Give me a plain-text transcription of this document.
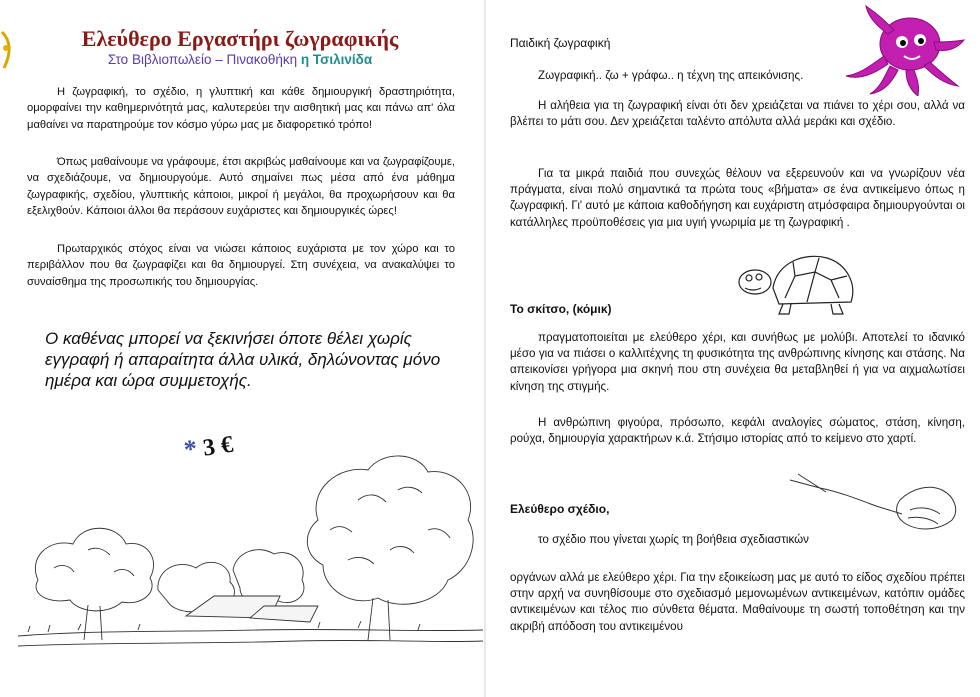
Ελεύθερο Εργαστήρι ζωγραφικής
Στο Βιβλιοπωλείο – Πινακοθήκη η Τσιλινίδα

Η ζωγραφική, το σχέδιο, η γλυπτική και κάθε δημιουργική δραστηριότητα, ομορφαίνει την καθημερινότητά μας, καλυτερεύει την αισθητική μας και πάνω απ' όλα μαθαίνει να παρατηρούμε τον κόσμο γύρω μας με διαφορετικό τρόπο!

Όπως μαθαίνουμε να γράφουμε, έτσι ακριβώς μαθαίνουμε και να ζωγραφίζουμε, να σχεδιάζουμε, να δημιουργούμε. Αυτό σημαίνει πως μέσα από ένα μάθημα ζωγραφικής, σχεδίου, γλυπτικής κάποιοι, μικροί ή μεγάλοι, θα προχωρήσουν και θα εξελιχθούν. Κάποιοι άλλοι θα περάσουν ευχάριστες και δημιουργικές ώρες!

Πρωταρχικός στόχος είναι να νιώσει κάποιος ευχάριστα με τον χώρο και το περιβάλλον που θα ζωγραφίζει και θα δημιουργεί. Στη συνέχεια, να ανακαλύψει το συναίσθημα της προσωπικής του δημιουργίας.

Ο καθένας μπορεί να ξεκινήσει όποτε θέλει χωρίς εγγραφή ή απαραίτητα άλλα υλικά, δηλώνοντας μόνο ημέρα και ώρα συμμετοχής.

*3 €
Παιδική ζωγραφική

Ζωγραφική.. ζω + γράφω.. η τέχνη της απεικόνισης.

Η αλήθεια για τη ζωγραφική είναι ότι δεν χρειάζεται να πιάνει το χέρι σου, αλλά να βλέπει το μάτι σου. Δεν χρειάζεται ταλέντο απόλυτα αλλά μεράκι και σχέδιο.

Για τα μικρά παιδιά που συνεχώς θέλουν να εξερευνούν και να γνωρίζουν νέα πράγματα, είναι πολύ σημαντικά τα πρώτα τους «βήματα» σε ένα αντικείμενο όπως η ζωγραφική. Γι' αυτό με κάποια καθοδήγηση και ευχάριστη ατμόσφαιρα δημιουργούνται οι κατάλληλες προϋποθέσεις για μια υγιή γνωριμία με τη ζωγραφική .

Το σκίτσο, (κόμικ)

πραγματοποιείται με ελεύθερο χέρι, και συνήθως με μολύβι. Αποτελεί το ιδανικό μέσο για να πιάσει ο καλλιτέχνης τη φυσικότητα της ανθρώπινης κίνησης και στάσης. Να απεικονίσει γρήγορα μια σκηνή που στη συνέχεια θα μεταβληθεί ή για να αιχμαλωτίσει κίνηση της στιγμής.

Η ανθρώπινη φιγούρα, πρόσωπο, κεφάλι αναλογίες σώματος, στάση, κίνηση, ρούχα, δημιουργία χαρακτήρων κ.ά. Στήσιμο ιστορίας από το κείμενο στο χαρτί.

Ελεύθερο σχέδιο,

το σχέδιο που γίνεται χωρίς τη βοήθεια σχεδιαστικών

οργάνων αλλά με ελεύθερο χέρι. Για την εξοικείωση μας με αυτό το είδος σχεδίου πρέπει στην αρχή να συνηθίσουμε στο σχεδιασμό μεμονωμένων αντικειμένων, κατόπιν ομάδες αντικειμένων και τέλος πιο σύνθετα θέματα. Μαθαίνουμε τη σωστή τοποθέτηση και την ακριβή απόδοση του αντικειμένου
